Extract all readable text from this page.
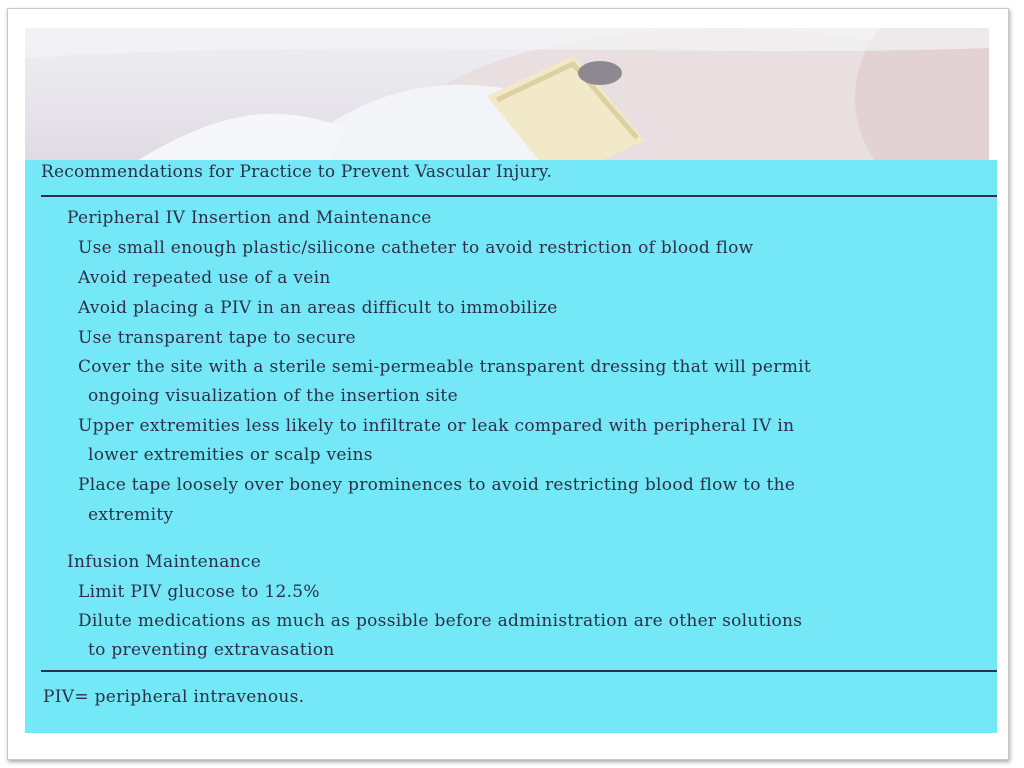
Recommendations for Practice to Prevent Vascular Injury.
Peripheral IV Insertion and Maintenance
Use small enough plastic/silicone catheter to avoid restriction of blood flow
Avoid repeated use of a vein
Avoid placing a PIV in an areas difficult to immobilize
Use transparent tape to secure
Cover the site with a sterile semi-permeable transparent dressing that will permit
ongoing visualization of the insertion site
Upper extremities less likely to infiltrate or leak compared with peripheral IV in
lower extremities or scalp veins
Place tape loosely over boney prominences to avoid restricting blood flow to the
extremity
Infusion Maintenance
Limit PIV glucose to 12.5%
Dilute medications as much as possible before administration are other solutions
to preventing extravasation
PIV= peripheral intravenous.
